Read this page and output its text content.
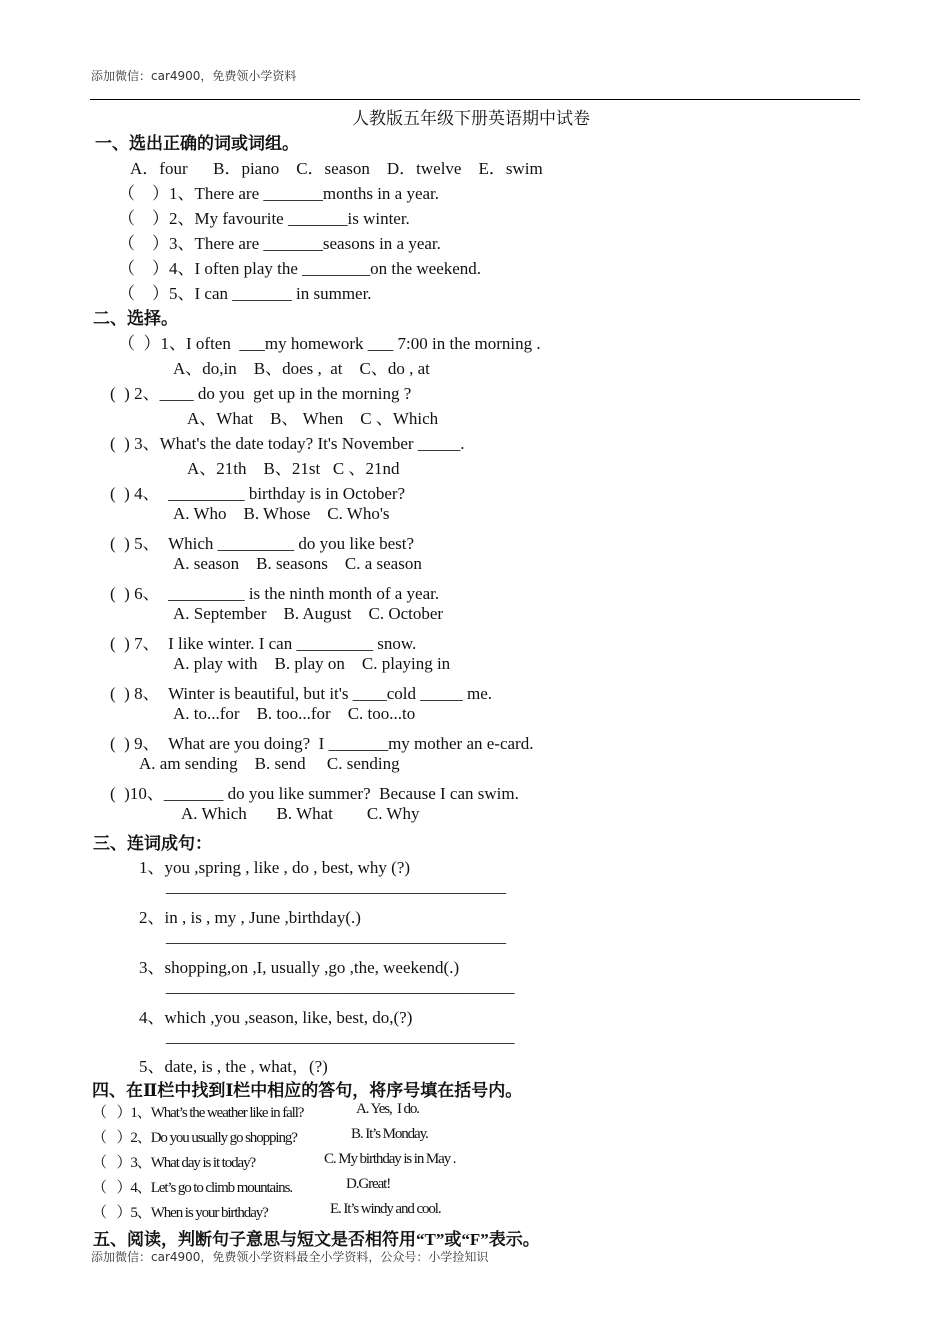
添加微信：car4900，免费领小学资料
人教版五年级下册英语期中试卷
一、选出正确的词或词组。
A．four      B．piano    C．season    D．twelve    E．swim
（    ）1、There are _______months in a year.
（    ）2、My favourite _______is winter.
（    ）3、There are _______seasons in a year.
（    ）4、I often play the ________on the weekend.
（    ）5、I can _______ in summer.
二、选择。
（  ）1、I often  ___my homework ___ 7:00 in the morning .
A、do,in    B、does ,  at    C、do , at
(  ) 2、____ do you  get up in the morning ?
A、What    B、 When    C 、Which
(  ) 3、What's the date today? It's November _____.
A、21th    B、21st   C 、21nd
(  ) 4、  _________ birthday is in October?
A. Who    B. Whose    C. Who's
(  ) 5、  Which _________ do you like best?
A. season    B. seasons    C. a season
(  ) 6、  _________ is the ninth month of a year.
A. September    B. August    C. October
(  ) 7、  I like winter. I can _________ snow.
A. play with    B. play on    C. playing in
(  ) 8、  Winter is beautiful, but it's ____cold _____ me.
A. to...for    B. too...for    C. too...to
(  ) 9、  What are you doing?  I _______my mother an e-card.
A. am sending    B. send     C. sending
(  )10、_______ do you like summer?  Because I can swim.
A. Which       B. What        C. Why
三、连词成句：
1、you ,spring , like , do , best, why (?)
________________________________________
2、in , is , my , June ,birthday(.)
________________________________________
3、shopping,on ,I, usually ,go ,the, weekend(.)
_________________________________________
4、which ,you ,season, like, best, do,(?)
_________________________________________
5、date, is , the , what，(?)
四、在Ⅱ栏中找到Ⅰ栏中相应的答句，将序号填在括号内。
（    ）1、What’s the weather like in fall?	A. Yes,  I do.
（    ）2、Do you usually go shopping?	B. It’s Monday.
（    ）3、What day is it today?	C. My birthday is in May .
（    ）4、Let’s go to climb mountains.	D.Great!
（    ）5、When is your birthday?	E. It’s windy and cool.
五、阅读，判断句子意思与短文是否相符用“T”或“F”表示。
添加微信：car4900，免费领小学资料最全小学资料，公众号：小学捡知识
